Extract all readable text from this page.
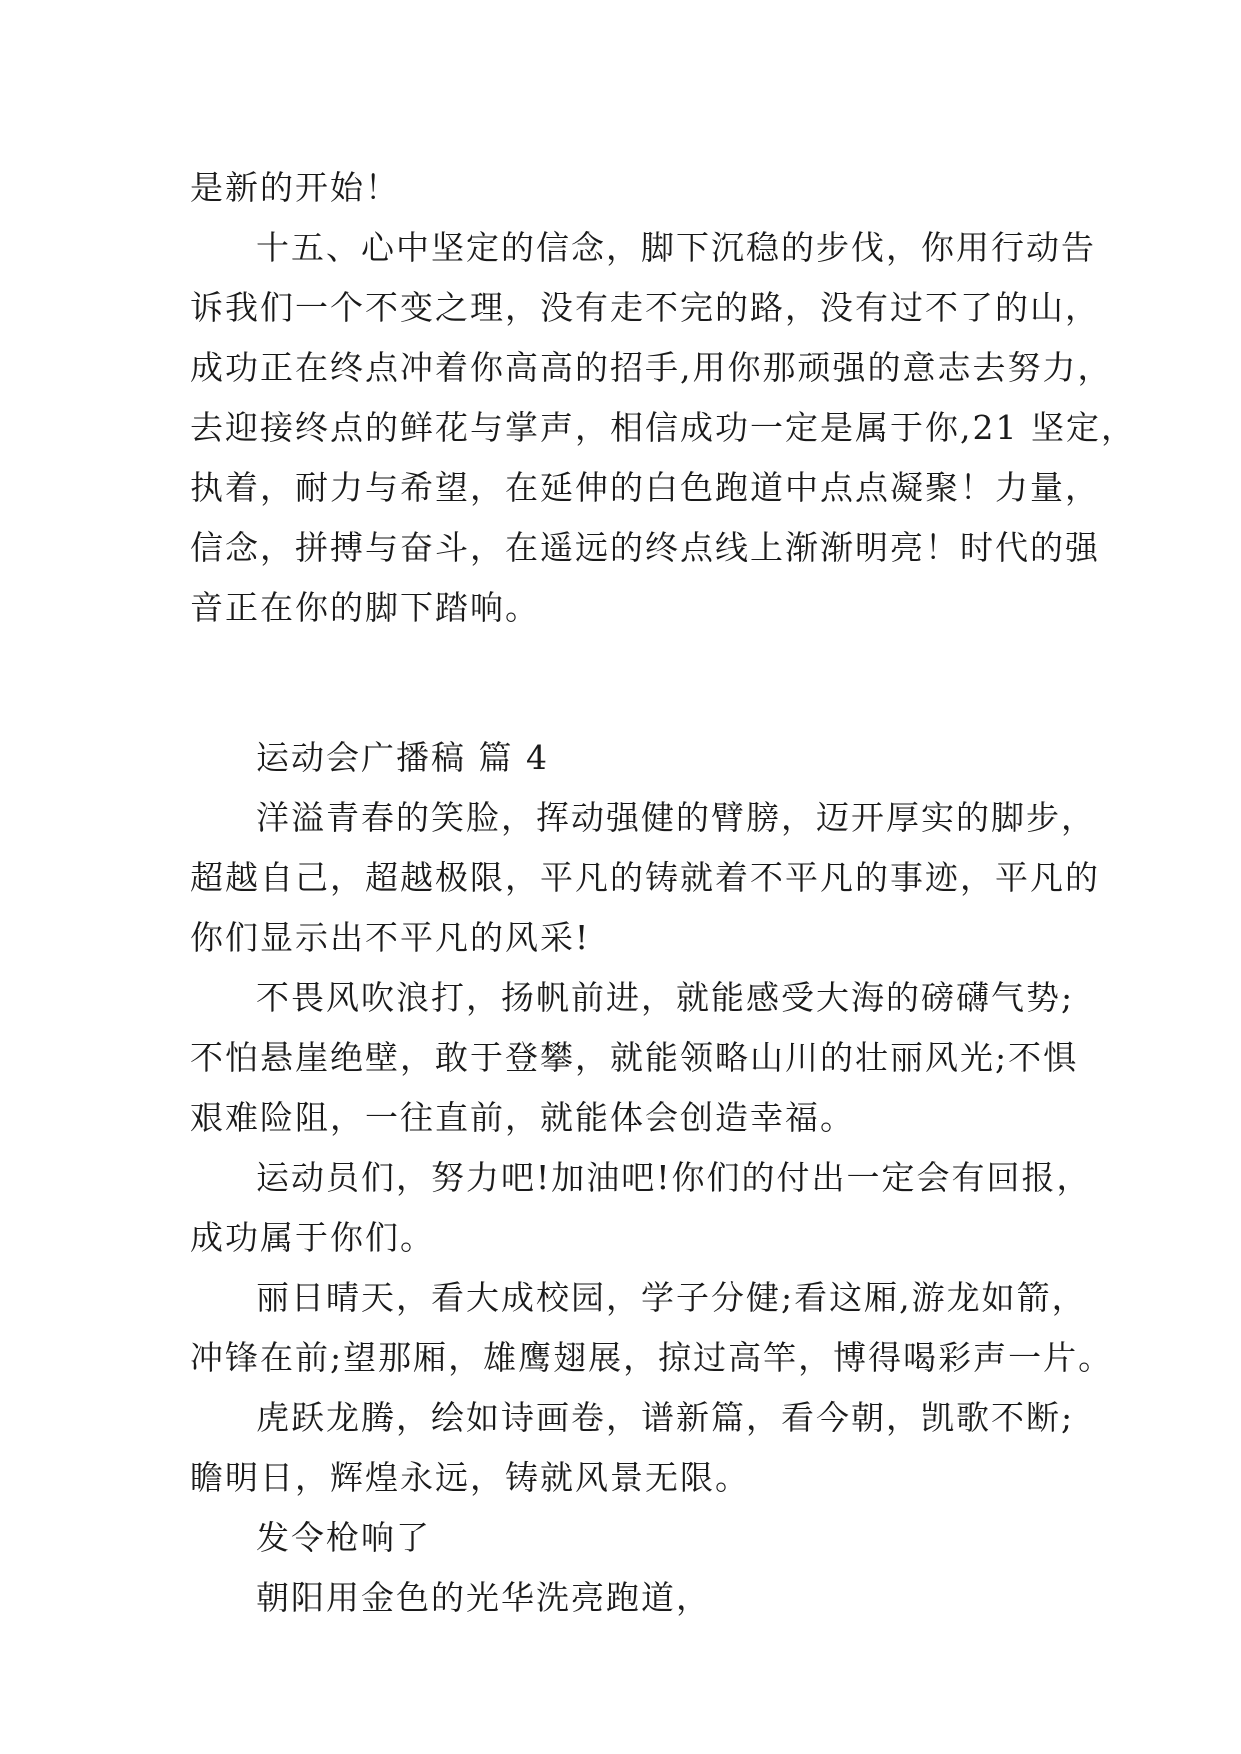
是新的开始！

十五、心中坚定的信念，脚下沉稳的步伐，你用行动告
诉我们一个不变之理，没有走不完的路，没有过不了的山，
成功正在终点冲着你高高的招手,用你那顽强的意志去努力，
去迎接终点的鲜花与掌声，相信成功一定是属于你,21 坚定，
执着，耐力与希望，在延伸的白色跑道中点点凝聚！力量，
信念，拼搏与奋斗，在遥远的终点线上渐渐明亮！时代的强
音正在你的脚下踏响。

运动会广播稿 篇 4

洋溢青春的笑脸，挥动强健的臂膀，迈开厚实的脚步，
超越自己，超越极限，平凡的铸就着不平凡的事迹，平凡的
你们显示出不平凡的风采!

不畏风吹浪打，扬帆前进，就能感受大海的磅礴气势;
不怕悬崖绝壁，敢于登攀，就能领略山川的壮丽风光;不惧
艰难险阻，一往直前，就能体会创造幸福。

运动员们，努力吧!加油吧!你们的付出一定会有回报，
成功属于你们。

丽日晴天，看大成校园，学子分健;看这厢,游龙如箭，
冲锋在前;望那厢，雄鹰翅展，掠过高竿，博得喝彩声一片。

虎跃龙腾，绘如诗画卷，谱新篇，看今朝，凯歌不断;
瞻明日，辉煌永远，铸就风景无限。

发令枪响了

朝阳用金色的光华洗亮跑道，
